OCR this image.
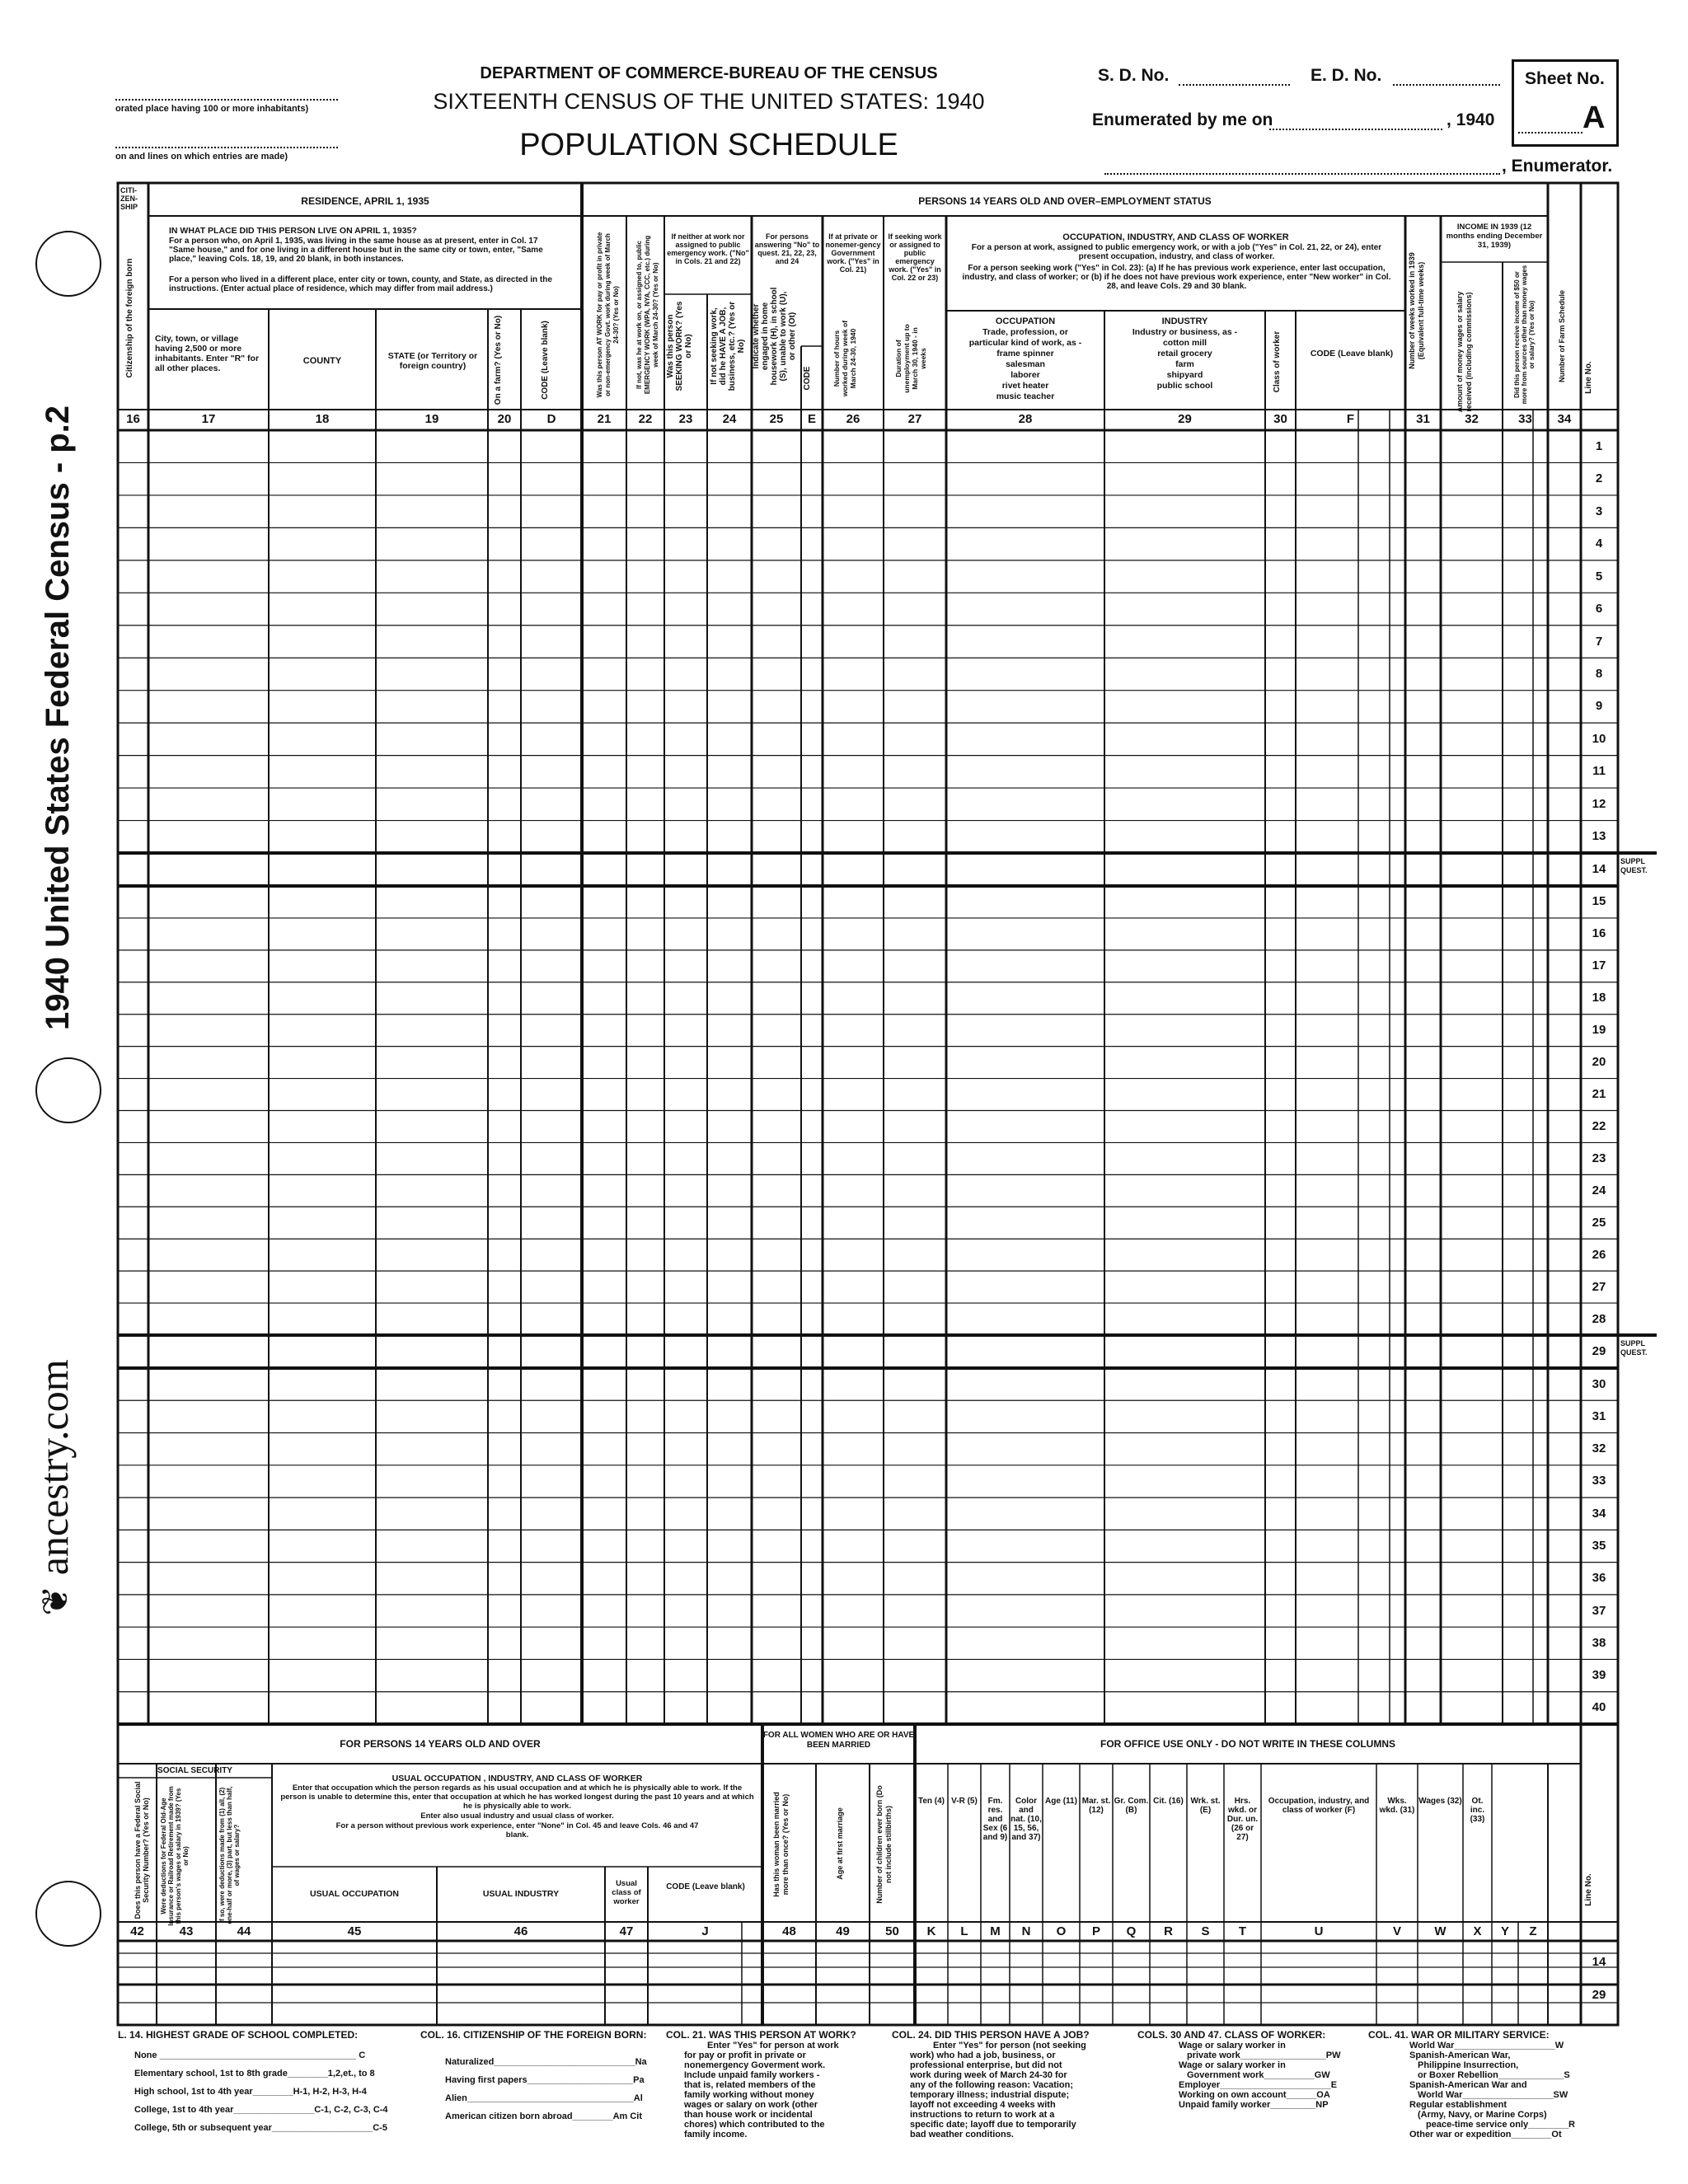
1940 United States Federal Census - p.2
❦ ancestry.com
orated place having 100 or more inhabitants)
on and lines on which entries are made)
DEPARTMENT OF COMMERCE-BUREAU OF THE CENSUS
SIXTEENTH CENSUS OF THE UNITED STATES: 1940
POPULATION SCHEDULE
S. D. No.	E. D. No.
Enumerated by me on	, 1940
Sheet No.
A
, Enumerator.
CITI-ZEN-SHIP	RESIDENCE, APRIL 1, 1935	PERSONS 14 YEARS OLD AND OVER–EMPLOYMENT STATUS
IN WHAT PLACE DID THIS PERSON LIVE ON APRIL 1, 1935?
For a person who, on April 1, 1935, was living in the same house as at present, enter in Col. 17 "Same house," and for one living in a different house but in the same city or town, enter, "Same place," leaving Cols. 18, 19, and 20 blank, in both instances.
For a person who lived in a different place, enter city or town, county, and State, as directed in the instructions. (Enter actual place of residence, which may differ from mail address.)
Citizenship of the foreign born	City, town, or village having 2,500 or more inhabitants. Enter "R" for all other places.
COUNTY	STATE (or Territory or foreign country)	On a farm? (Yes or No)	CODE (Leave blank)	Was this person AT WORK for pay or profit in private or non-emergency Govt. work during week of March 24-30? (Yes or No)	If not, was he at work on, or assigned to, public EMERGENCY WORK (WPA, NYA, CCC, etc.) during week of March 24-30? (Yes or No)
If neither at work nor assigned to public emergency work. ("No" in Cols. 21 and 22)
Was this person SEEKING WORK? (Yes or No)	If not seeking work, did he HAVE A JOB, business, etc.? (Yes or No)
For persons answering "No" to quest. 21, 22, 23, and 24
Indicate whether engaged in home housework (H), in school (S), unable to work (U), or other (Ot)
CODE
If at private or nonemer-gency Government work. ("Yes" in Col. 21)
Number of hours worked during week of March 24-30, 1940
If seeking work or assigned to public emergency work. ("Yes" in Col. 22 or 23)
Duration of unemployment up to March 30, 1940 - in weeks
OCCUPATION, INDUSTRY, AND CLASS OF WORKER
For a person at work, assigned to public emergency work, or with a job ("Yes" in Col. 21, 22, or 24), enter present occupation, industry, and class of worker.
For a person seeking work ("Yes" in Col. 23): (a) If he has previous work experience, enter last occupation, industry, and class of worker; or (b) if he does not have previous work experience, enter "New worker" in Col. 28, and leave Cols. 29 and 30 blank.
OCCUPATION
Trade, profession, or
particular kind of work, as -
frame spinner
salesman
laborer
rivet heater
music teacher
INDUSTRY
Industry or business, as -
cotton mill
retail grocery
farm
shipyard
public school	Class of worker	CODE (Leave blank)	Number of weeks worked in 1939 (Equivalent full-time weeks)
INCOME IN 1939 (12 months ending December 31, 1939)
Amount of money wages or salary received (including commissions)	Did this person receive income of $50 or more from sources other than money wages or salary? (Yes or No)	Number of Farm Schedule	Line No.
16	17	18	19	20	D	21	22	23	24	25	E	26	27	28	29	30	F	31	32	33	34
1
2
3
4
5
6
7
8
9
10
11
12
13
14
15
16
17
18
19
20
21
22
23
24
25
26
27
28
29
30
31
32
33
34
35
36
37
38
39
40
SUPPL QUEST.
SUPPL QUEST.
FOR PERSONS 14 YEARS OLD AND OVER
FOR ALL WOMEN WHO ARE OR HAVE BEEN MARRIED	FOR OFFICE USE ONLY - DO NOT WRITE IN THESE COLUMNS
SOCIAL SECURITY
Does this person have a Federal Social Security Number? (Yes or No)	Were deductions for Federal Old-Age Insurance or Railroad Retirement made from this person's wages or salary in 1939? (Yes or No)	If so, were deductions made from (1) all, (2) one-half or more, (3) part, but less than half, of wages or salary?
USUAL OCCUPATION , INDUSTRY, AND CLASS OF WORKER
Enter that occupation which the person regards as his usual occupation and at which he is physically able to work. If the person is unable to determine this, enter that occupation at which he has worked longest during the past 10 years and at which he is physically able to work.
Enter also usual industry and usual class of worker.
For a person without previous work experience, enter "None" in Col. 45 and leave Cols. 46 and 47 blank.
USUAL OCCUPATION	USUAL INDUSTRY
Usual class of worker
CODE (Leave blank)	Has this woman been married more than once? (Yes or No)	Age at first marriage	Number of children ever born (Do not include stillbirths)
Ten (4) V-R (5)	Fm. res. and Sex (6 and 9)
Color and nat. (10, 15, 56, and 37)
Age (11) Mar. st. (12)
Gr. Com. (B)
Cit. (16) Wrk. st. (E)
Hrs. wkd. or Dur. un. (26 or 27)
Occupation, industry, and class of worker (F)
Wks. wkd. (31)
Wages (32)	Ot. inc. (33)
Line No.
42	43	44	45	46	47	J	48	49	50	K	L	M	N	O	P	Q	R	S	T	U	V	W	X	Y	Z
14
29
L. 14. HIGHEST GRADE OF SCHOOL COMPLETED:
None _______________________________________ C
Elementary school, 1st to 8th grade________1,2,et., to 8
High school, 1st to 4th year________H-1, H-2, H-3, H-4
College, 1st to 4th year________________C-1, C-2, C-3, C-4
College, 5th or subsequent year____________________C-5
COL. 16. CITIZENSHIP OF THE FOREIGN BORN:
Naturalized____________________________Na
Having first papers_____________________Pa
Alien_________________________________Al
American citizen born abroad________Am Cit
COL. 21. WAS THIS PERSON AT WORK?
Enter "Yes" for person at work
for pay or profit in private or
nonemergency Goverment work.
Include unpaid family workers -
that is, related members of the
family working without money
wages or salary on work (other
than house work or incidental
chores) which contributed to the
family income.
COL. 24. DID THIS PERSON HAVE A JOB?
Enter "Yes" for person (not seeking
work) who had a job, business, or
professional enterprise, but did not
work during week of March 24-30 for
any of the following reason: Vacation;
temporary illness; industrial dispute;
layoff not exceeding 4 weeks with
instructions to return to work at a
specific date; layoff due to temporarily
bad weather conditions.
COLS. 30 AND 47. CLASS OF WORKER:
Wage or salary worker in
private work_________________PW
Wage or salary worker in
Government work__________GW
Employer______________________E
Working on own account______OA
Unpaid family worker_________NP
COL. 41. WAR OR MILITARY SERVICE:
World War____________________W
Spanish-American War,
Philippine Insurrection,
or Boxer Rebellion_____________S
Spanish-American War and
World War__________________SW
Regular establishment
(Army, Navy, or Marine Corps)
peace-time service only________R
Other war or expedition________Ot
